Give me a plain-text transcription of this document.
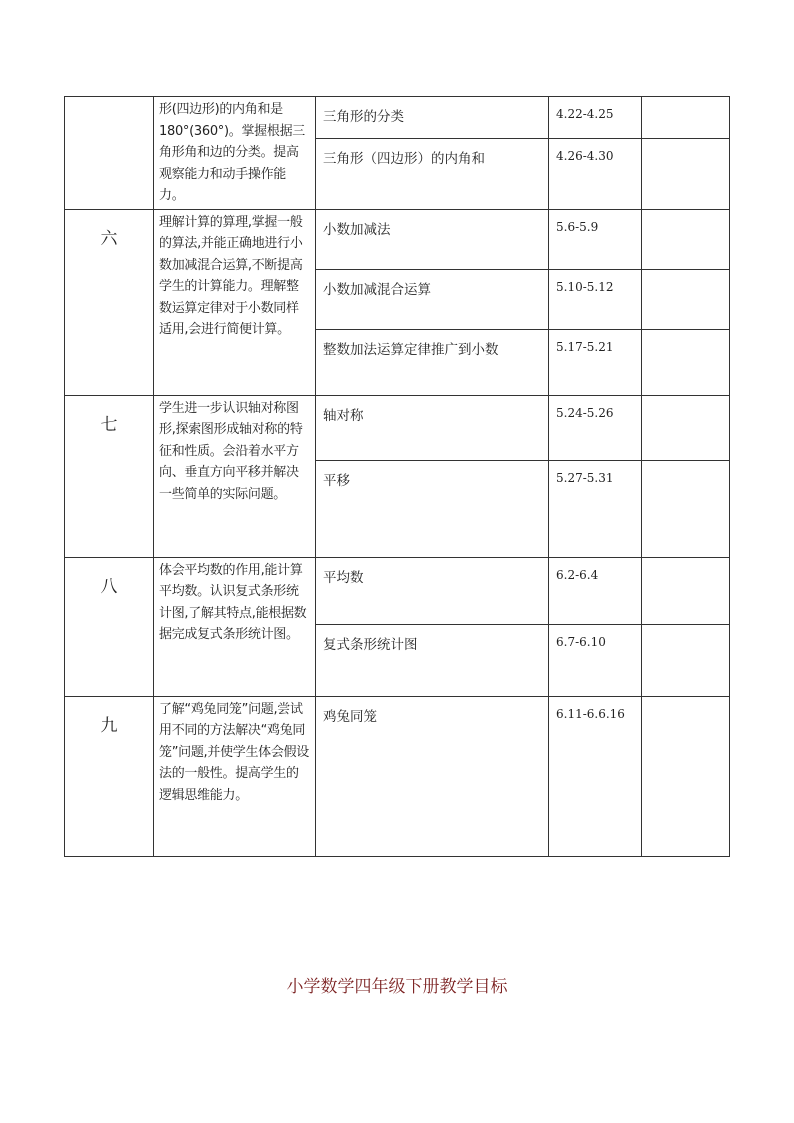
	形(四边形)的内角和是180°(360°)。掌握根据三角形角和边的分类。提高观察能力和动手操作能力。	三角形的分类	4.22-4.25	
		三角形（四边形）的内角和	4.26-4.30	
六	理解计算的算理,掌握一般的算法,并能正确地进行小数加减混合运算,不断提高学生的计算能力。理解整数运算定律对于小数同样适用,会进行简便计算。	小数加减法	5.6-5.9	
		小数加减混合运算	5.10-5.12	
		整数加法运算定律推广到小数	5.17-5.21	
七	学生进一步认识轴对称图形,探索图形成轴对称的特征和性质。会沿着水平方向、垂直方向平移并解决一些简单的实际问题。	轴对称	5.24-5.26	
		平移	5.27-5.31	
八	体会平均数的作用,能计算平均数。认识复式条形统计图,了解其特点,能根据数据完成复式条形统计图。	平均数	6.2-6.4	
		复式条形统计图	6.7-6.10	
九	了解“鸡兔同笼”问题,尝试用不同的方法解决“鸡兔同笼”问题,并使学生体会假设法的一般性。提高学生的逻辑思维能力。	鸡兔同笼	6.11-6.6.16	
小学数学四年级下册教学目标
